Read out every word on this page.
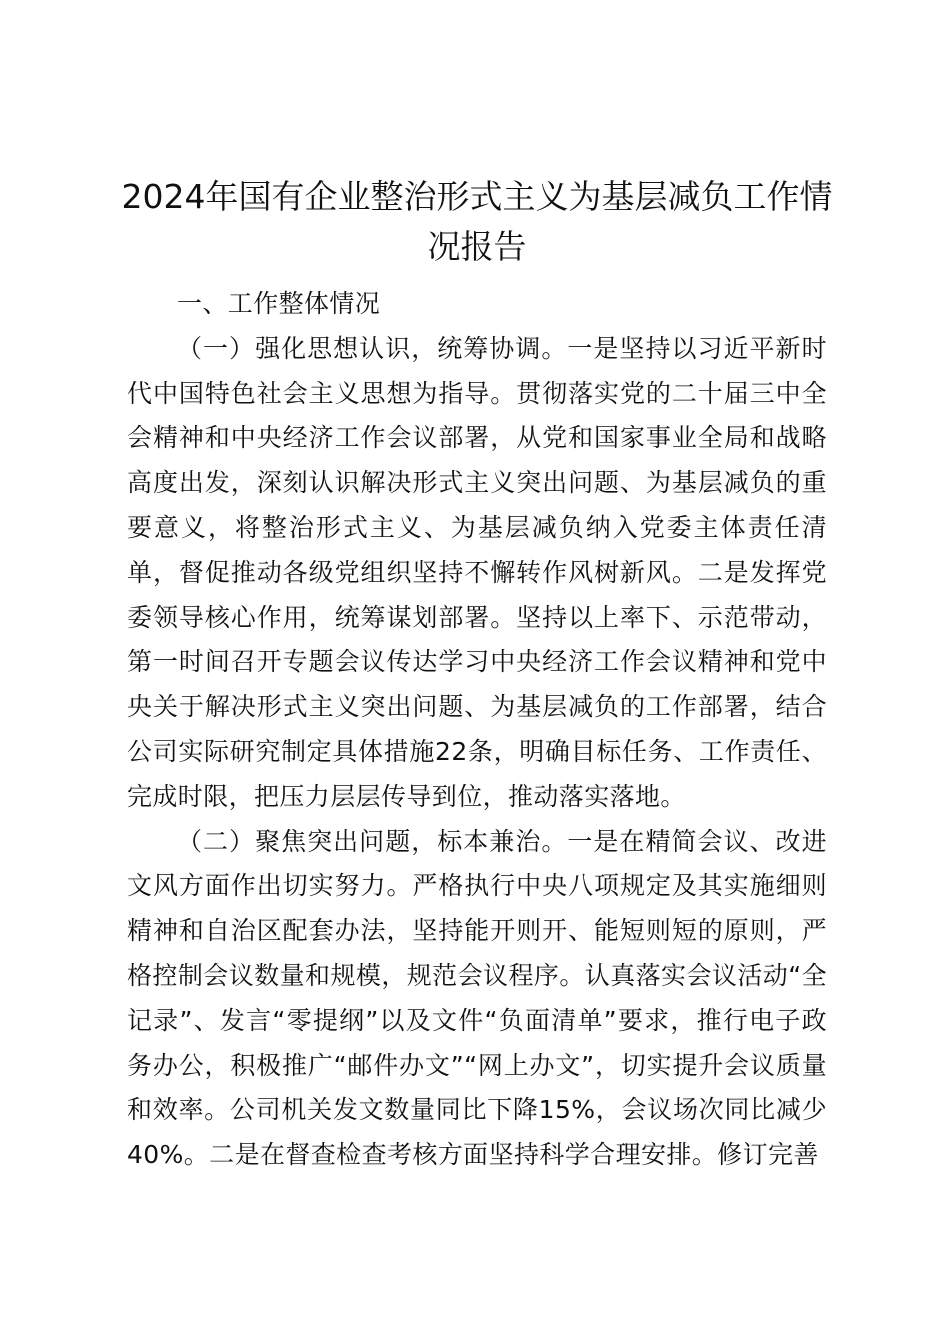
2024年国有企业整治形式主义为基层减负工作情况报告

一、工作整体情况

（一）强化思想认识，统筹协调。一是坚持以习近平新时代中国特色社会主义思想为指导。贯彻落实党的二十届三中全会精神和中央经济工作会议部署，从党和国家事业全局和战略高度出发，深刻认识解决形式主义突出问题、为基层减负的重要意义，将整治形式主义、为基层减负纳入党委主体责任清单，督促推动各级党组织坚持不懈转作风树新风。二是发挥党委领导核心作用，统筹谋划部署。坚持以上率下、示范带动，第一时间召开专题会议传达学习中央经济工作会议精神和党中央关于解决形式主义突出问题、为基层减负的工作部署，结合公司实际研究制定具体措施22条，明确目标任务、工作责任、完成时限，把压力层层传导到位，推动落实落地。

（二）聚焦突出问题，标本兼治。一是在精简会议、改进文风方面作出切实努力。严格执行中央八项规定及其实施细则精神和自治区配套办法，坚持能开则开、能短则短的原则，严格控制会议数量和规模，规范会议程序。认真落实会议活动“全记录”、发言“零提纲”以及文件“负面清单”要求，推行电子政务办公，积极推广“邮件办文”“网上办文”，切实提升会议质量和效率。公司机关发文数量同比下降15%，会议场次同比减少40%。二是在督查检查考核方面坚持科学合理安排。修订完善
